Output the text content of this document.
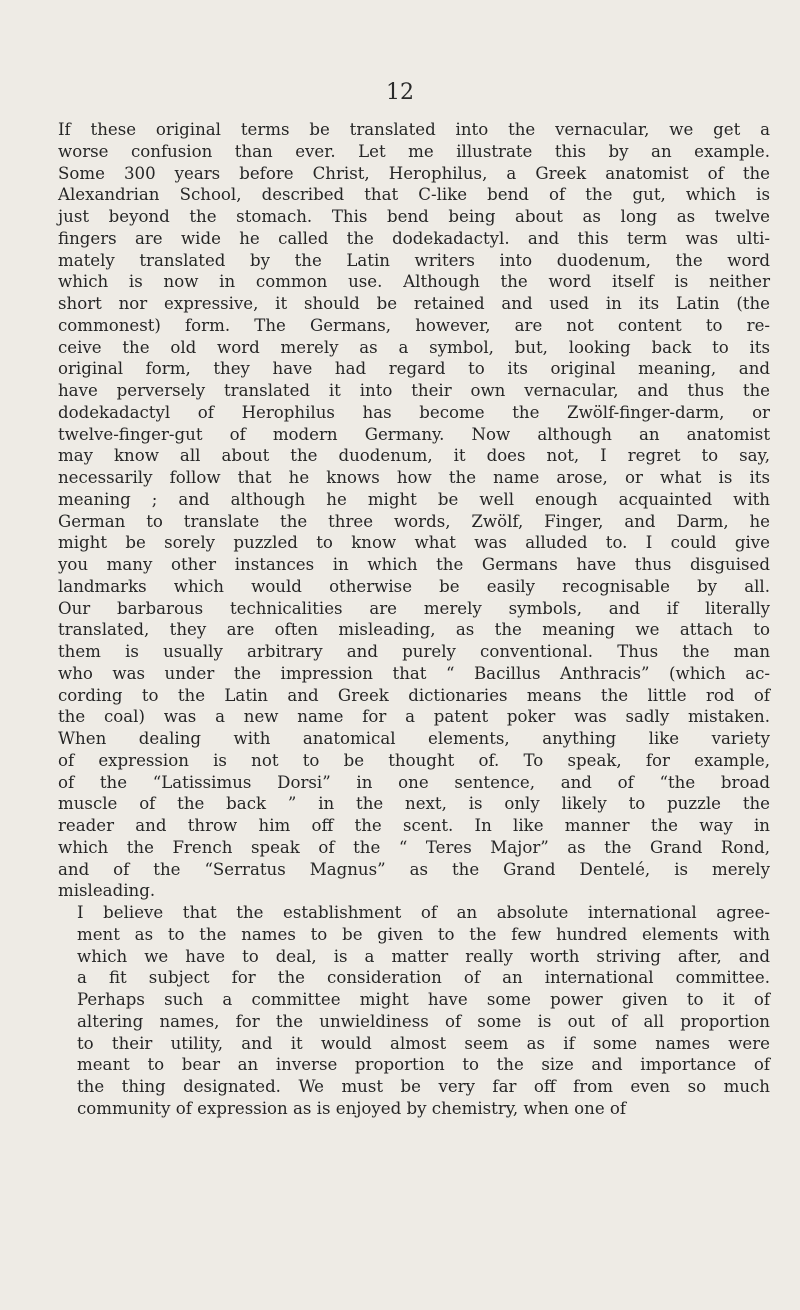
12

If these original terms be translated into the vernacular, we get a
worse confusion than ever. Let me illustrate this by an example.
Some 300 years before Christ, Herophilus, a Greek anatomist of the
Alexandrian School, described that C-like bend of the gut, which is
just beyond the stomach. This bend being about as long as twelve
fingers are wide he called the dodekadactyl. and this term was ulti-
mately translated by the Latin writers into duodenum, the word
which is now in common use. Although the word itself is neither
short nor expressive, it should be retained and used in its Latin (the
commonest) form. The Germans, however, are not content to re-
ceive the old word merely as a symbol, but, looking back to its
original form, they have had regard to its original meaning, and
have perversely translated it into their own vernacular, and thus the
dodekadactyl of Herophilus has become the Zwölf-finger-darm, or
twelve-finger-gut of modern Germany. Now although an anatomist
may know all about the duodenum, it does not, I regret to say,
necessarily follow that he knows how the name arose, or what is its
meaning ; and although he might be well enough acquainted with
German to translate the three words, Zwölf, Finger, and Darm, he
might be sorely puzzled to know what was alluded to. I could give
you many other instances in which the Germans have thus disguised
landmarks which would otherwise be easily recognisable by all.
Our barbarous technicalities are merely symbols, and if literally
translated, they are often misleading, as the meaning we attach to
them is usually arbitrary and purely conventional. Thus the man
who was under the impression that “ Bacillus Anthracis” (which ac-
cording to the Latin and Greek dictionaries means the little rod of
the coal) was a new name for a patent poker was sadly mistaken.
When dealing with anatomical elements, anything like variety
of expression is not to be thought of. To speak, for example,
of the “Latissimus Dorsi” in one sentence, and of “the broad
muscle of the back ” in the next, is only likely to puzzle the
reader and throw him off the scent. In like manner the way in
which the French speak of the “ Teres Major” as the Grand Rond,
and of the “Serratus Magnus” as the Grand Dentelé, is merely
misleading.

I believe that the establishment of an absolute international agree-
ment as to the names to be given to the few hundred elements with
which we have to deal, is a matter really worth striving after, and
a fit subject for the consideration of an international committee.
Perhaps such a committee might have some power given to it of
altering names, for the unwieldiness of some is out of all proportion
to their utility, and it would almost seem as if some names were
meant to bear an inverse proportion to the size and importance of
the thing designated. We must be very far off from even so much
community of expression as is enjoyed by chemistry, when one of
